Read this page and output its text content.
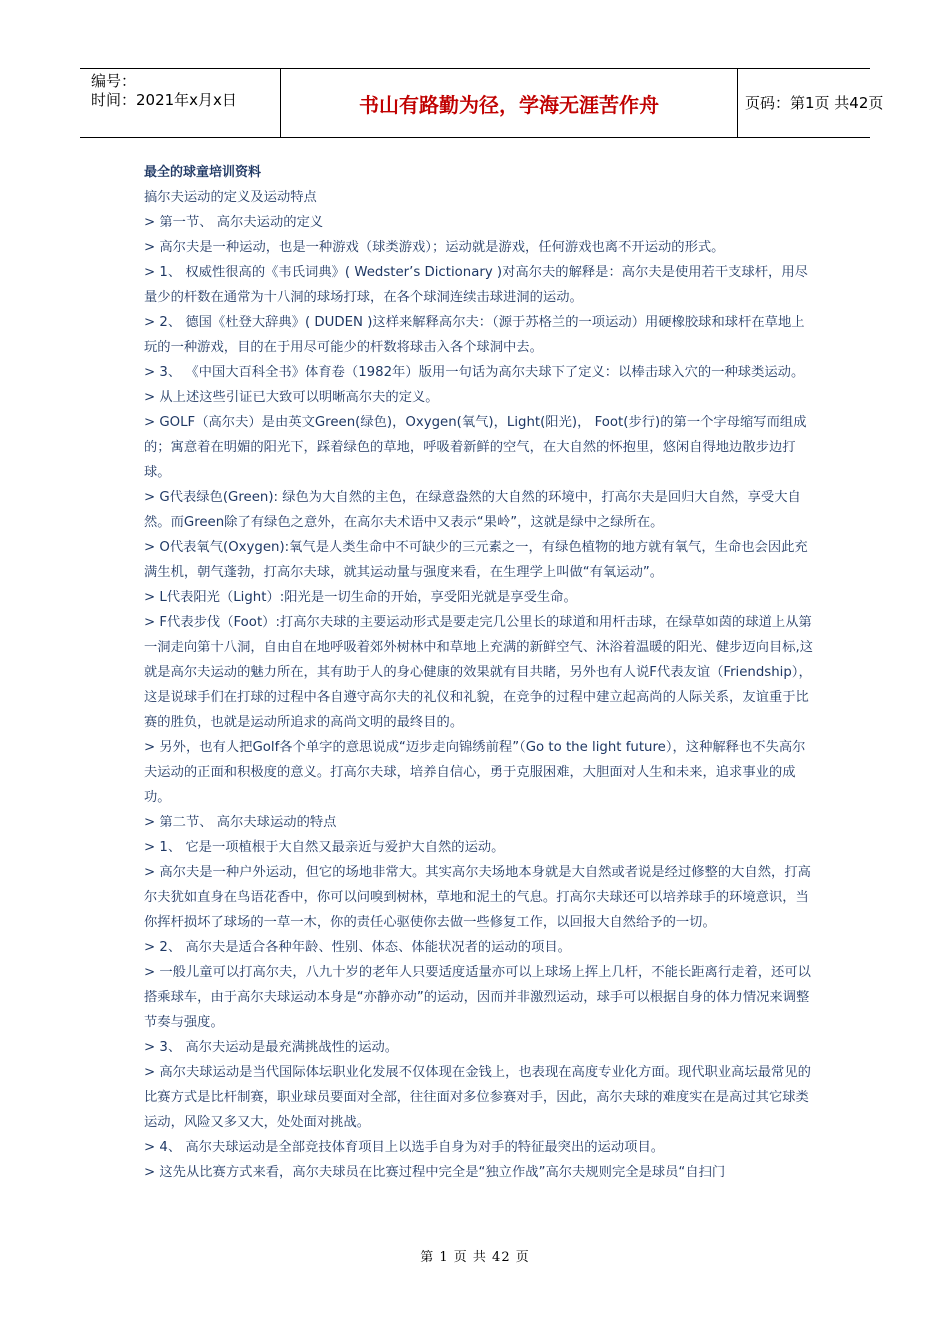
编号：
时间：2021年x月x日	书山有路勤为径，学海无涯苦作舟	页码：第1页 共42页

最全的球童培训资料

搞尔夫运动的定义及运动特点

> 第一节、 高尔夫运动的定义

> 高尔夫是一种运动，也是一种游戏（球类游戏）；运动就是游戏，任何游戏也离不开运动的形式。

> 1、 权威性很高的《韦氏词典》( Wedster’s Dictionary )对高尔夫的解释是：高尔夫是使用若干支球杆，用尽量少的杆数在通常为十八洞的球场打球，在各个球洞连续击球进洞的运动。

> 2、 德国《杜登大辞典》( DUDEN )这样来解释高尔夫：（源于苏格兰的一项运动）用硬橡胶球和球杆在草地上玩的一种游戏，目的在于用尽可能少的杆数将球击入各个球洞中去。

> 3、 《中国大百科全书》体育卷（1982年）版用一句话为高尔夫球下了定义：以棒击球入穴的一种球类运动。

> 从上述这些引证已大致可以明晰高尔夫的定义。

> GOLF（高尔夫）是由英文Green(绿色)，Oxygen(氧气)，Light(阳光)， Foot(步行)的第一个字母缩写而组成的；寓意着在明媚的阳光下，踩着绿色的草地，呼吸着新鲜的空气，在大自然的怀抱里，悠闲自得地边散步边打球。

> G代表绿色(Green): 绿色为大自然的主色，在绿意盎然的大自然的环境中，打高尔夫是回归大自然，享受大自然。而Green除了有绿色之意外，在高尔夫术语中又表示“果岭”，这就是绿中之绿所在。

> O代表氧气(Oxygen):氧气是人类生命中不可缺少的三元素之一，有绿色植物的地方就有氧气，生命也会因此充满生机，朝气蓬勃，打高尔夫球，就其运动量与强度来看，在生理学上叫做“有氧运动”。

> L代表阳光（Light）:阳光是一切生命的开始，享受阳光就是享受生命。

> F代表步伐（Foot）:打高尔夫球的主要运动形式是要走完几公里长的球道和用杆击球，在绿草如茵的球道上从第一洞走向第十八洞，自由自在地呼吸着郊外树林中和草地上充满的新鲜空气、沐浴着温暖的阳光、健步迈向目标,这就是高尔夫运动的魅力所在，其有助于人的身心健康的效果就有目共睹，另外也有人说F代表友谊（Friendship），这是说球手们在打球的过程中各自遵守高尔夫的礼仪和礼貌，在竞争的过程中建立起高尚的人际关系，友谊重于比赛的胜负，也就是运动所追求的高尚文明的最终目的。

> 另外，也有人把Golf各个单字的意思说成“迈步走向锦绣前程”（Go to the light future），这种解释也不失高尔夫运动的正面和积极度的意义。打高尔夫球，培养自信心，勇于克服困难，大胆面对人生和未来，追求事业的成功。

> 第二节、 高尔夫球运动的特点

> 1、 它是一项植根于大自然又最亲近与爱护大自然的运动。

> 高尔夫是一种户外运动，但它的场地非常大。其实高尔夫场地本身就是大自然或者说是经过修整的大自然，打高尔夫犹如直身在鸟语花香中，你可以问嗅到树林，草地和泥土的气息。打高尔夫球还可以培养球手的环境意识，当你挥杆损坏了球场的一草一木，你的责任心驱使你去做一些修复工作，以回报大自然给予的一切。

> 2、 高尔夫是适合各种年龄、性别、体态、体能状况者的运动的项目。

> 一般儿童可以打高尔夫，八九十岁的老年人只要适度适量亦可以上球场上挥上几杆，不能长距离行走着，还可以搭乘球车，由于高尔夫球运动本身是“亦静亦动”的运动，因而并非激烈运动，球手可以根据自身的体力情况来调整节奏与强度。

> 3、 高尔夫运动是最充满挑战性的运动。

> 高尔夫球运动是当代国际体坛职业化发展不仅体现在金钱上，也表现在高度专业化方面。现代职业高坛最常见的比赛方式是比杆制赛，职业球员要面对全部，往往面对多位参赛对手，因此，高尔夫球的难度实在是高过其它球类运动，风险又多又大，处处面对挑战。

> 4、 高尔夫球运动是全部竞技体育项目上以选手自身为对手的特征最突出的运动项目。

> 这先从比赛方式来看，高尔夫球员在比赛过程中完全是“独立作战”高尔夫规则完全是球员“自扫门

第 1 页 共 42 页
